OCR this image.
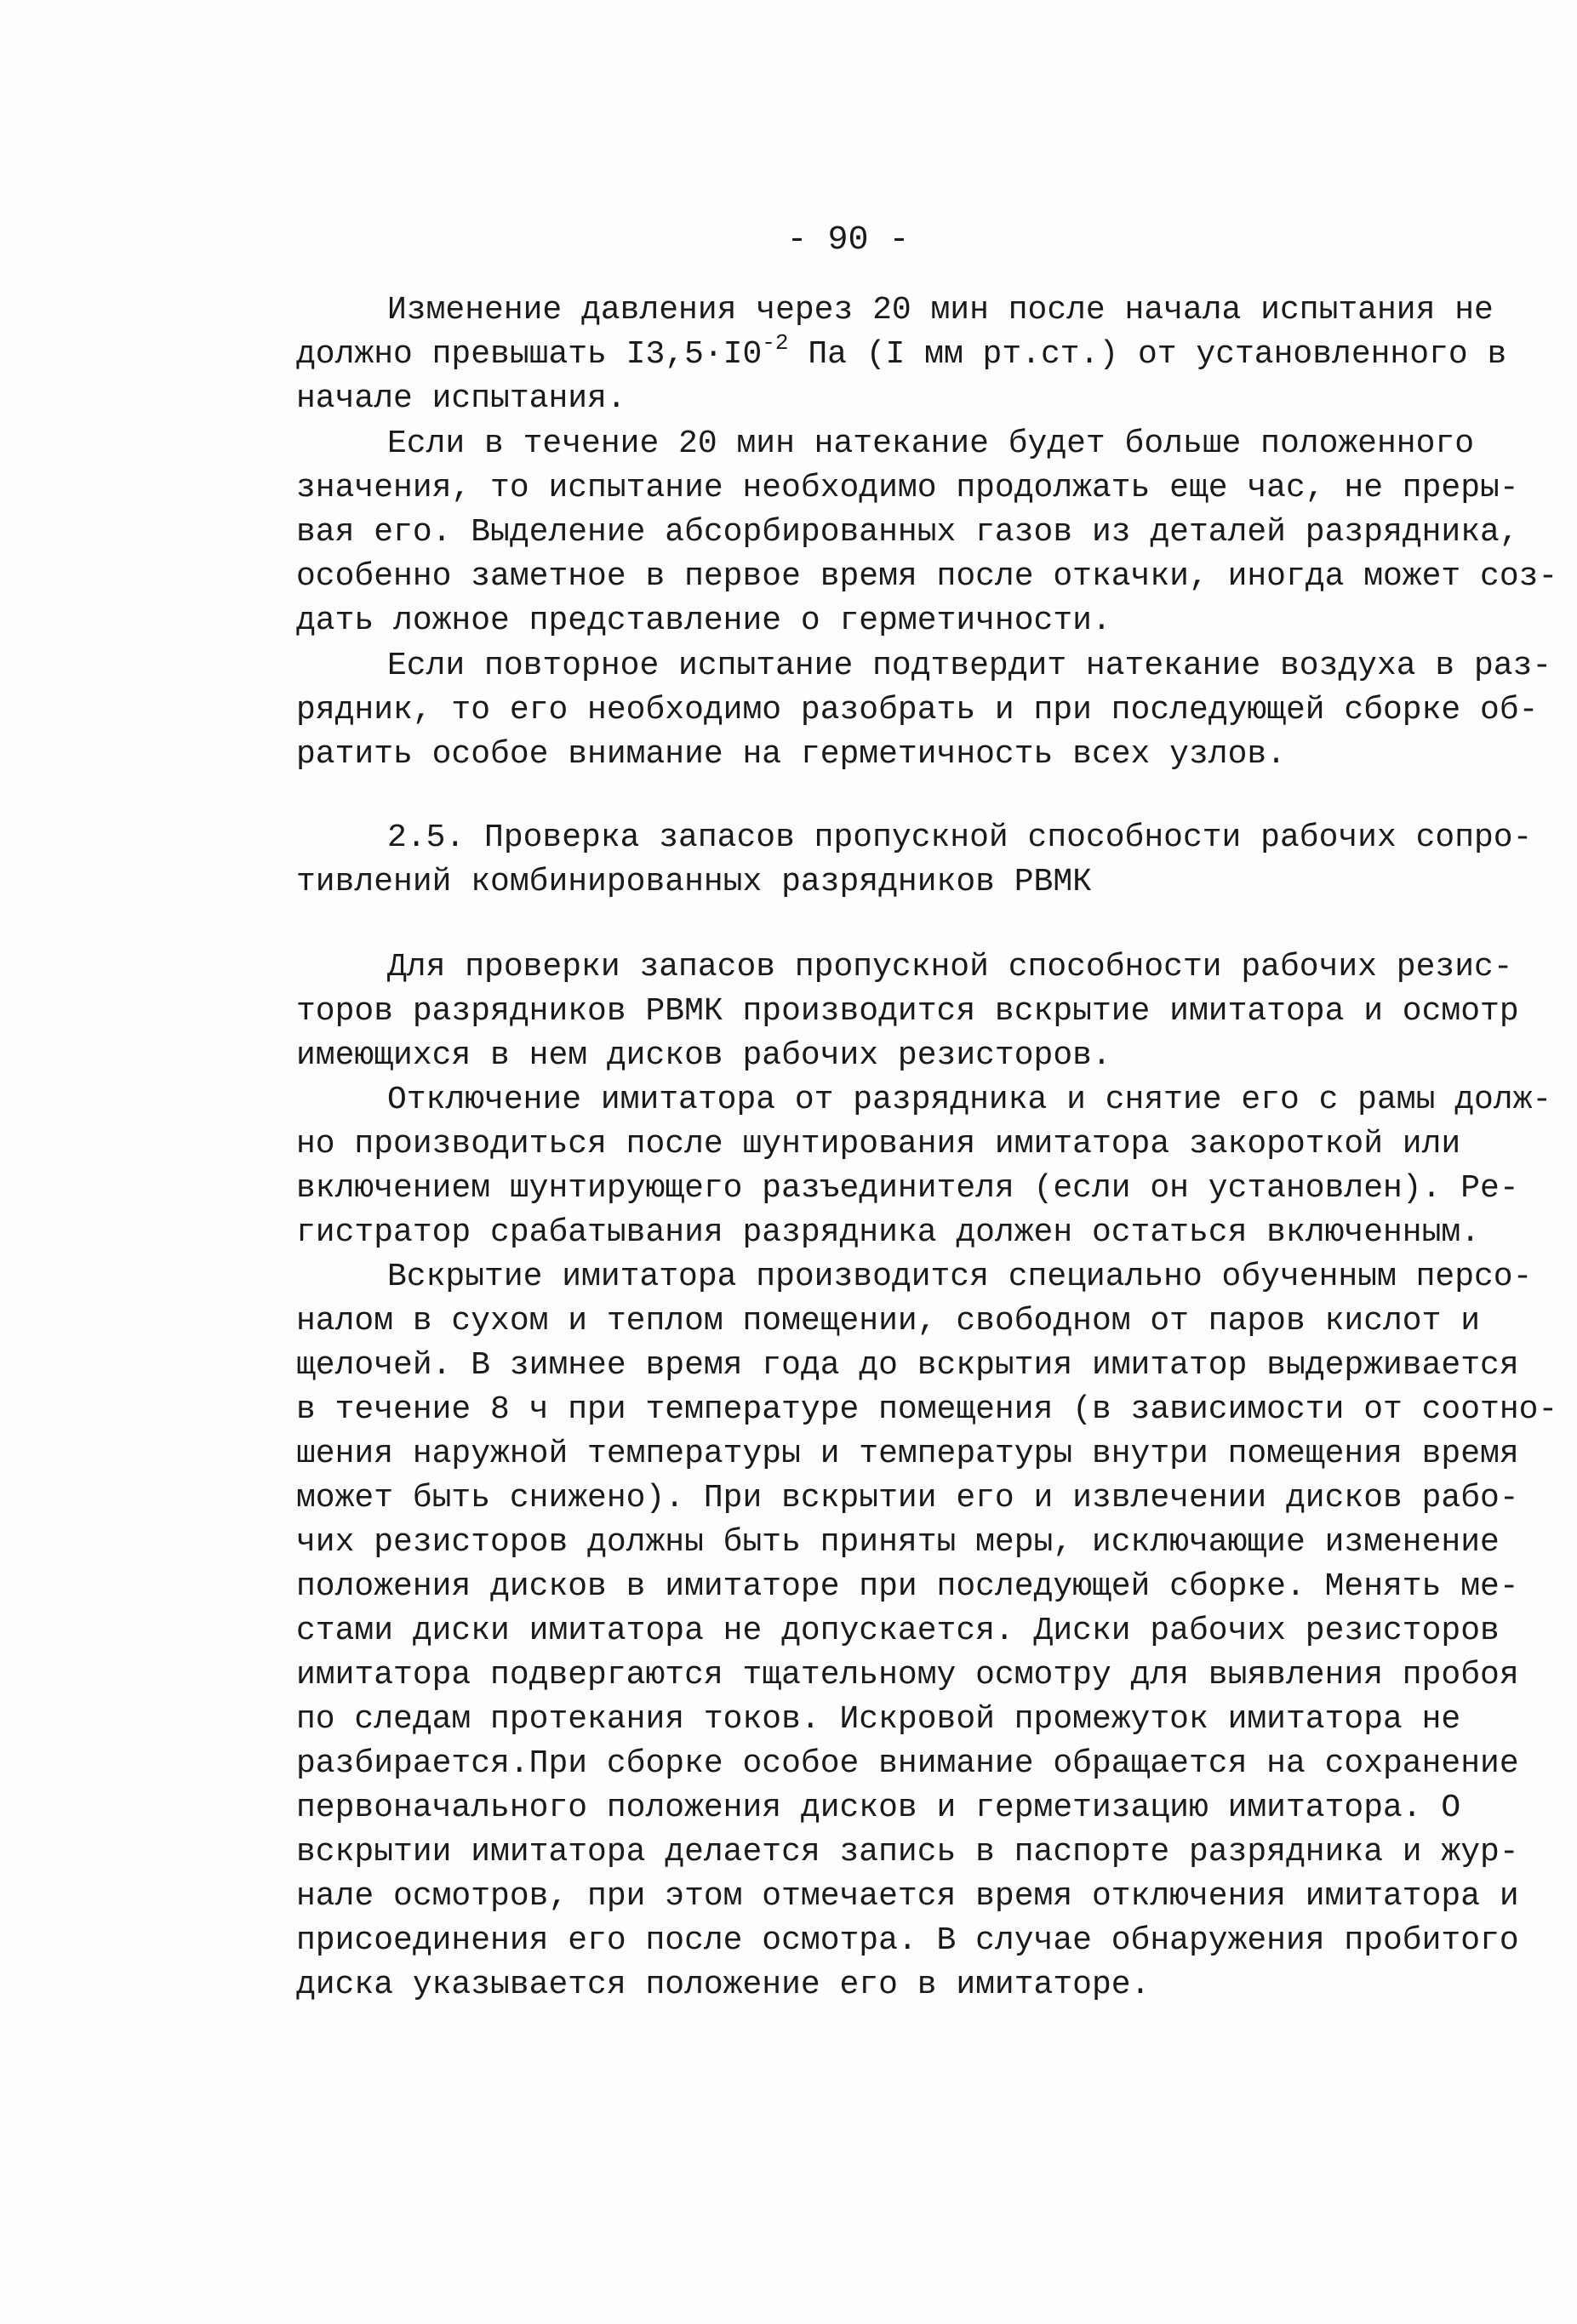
- 90 -
Изменение давления через 20 мин после начала испытания не
должно превышать $I3,5\cdot I0^{-2}$ Па (I мм рт.ст.) от установленного в
начале испытания.
Если в течение 20 мин натекание будет больше положенного
значения, то испытание необходимо продолжать еще час, не преры-
вая его. Выделение абсорбированных газов из деталей разрядника,
особенно заметное в первое время после откачки, иногда может соз-
дать ложное представление о герметичности.
Если повторное испытание подтвердит натекание воздуха в раз-
рядник, то его необходимо разобрать и при последующей сборке об-
ратить особое внимание на герметичность всех узлов.
2.5. Проверка запасов пропускной способности рабочих сопро-
тивлений комбинированных разрядников РВМК
Для проверки запасов пропускной способности рабочих резис-
торов разрядников РВМК производится вскрытие имитатора и осмотр
имеющихся в нем дисков рабочих резисторов.
Отключение имитатора от разрядника и снятие его с рамы долж-
но производиться после шунтирования имитатора закороткой или
включением шунтирующего разъединителя (если он установлен). Ре-
гистратор срабатывания разрядника должен остаться включенным.
Вскрытие имитатора производится специально обученным персо-
налом в сухом и теплом помещении, свободном от паров кислот и
щелочей. В зимнее время года до вскрытия имитатор выдерживается
в течение 8 ч при температуре помещения (в зависимости от соотно-
шения наружной температуры и температуры внутри помещения время
может быть снижено). При вскрытии его и извлечении дисков рабо-
чих резисторов должны быть приняты меры, исключающие изменение
положения дисков в имитаторе при последующей сборке. Менять ме-
стами диски имитатора не допускается. Диски рабочих резисторов
имитатора подвергаются тщательному осмотру для выявления пробоя
по следам протекания токов. Искровой промежуток имитатора не
разбирается.При сборке особое внимание обращается на сохранение
первоначального положения дисков и герметизацию имитатора. О
вскрытии имитатора делается запись в паспорте разрядника и жур-
нале осмотров, при этом отмечается время отключения имитатора и
присоединения его после осмотра. В случае обнаружения пробитого
диска указывается положение его в имитаторе.
